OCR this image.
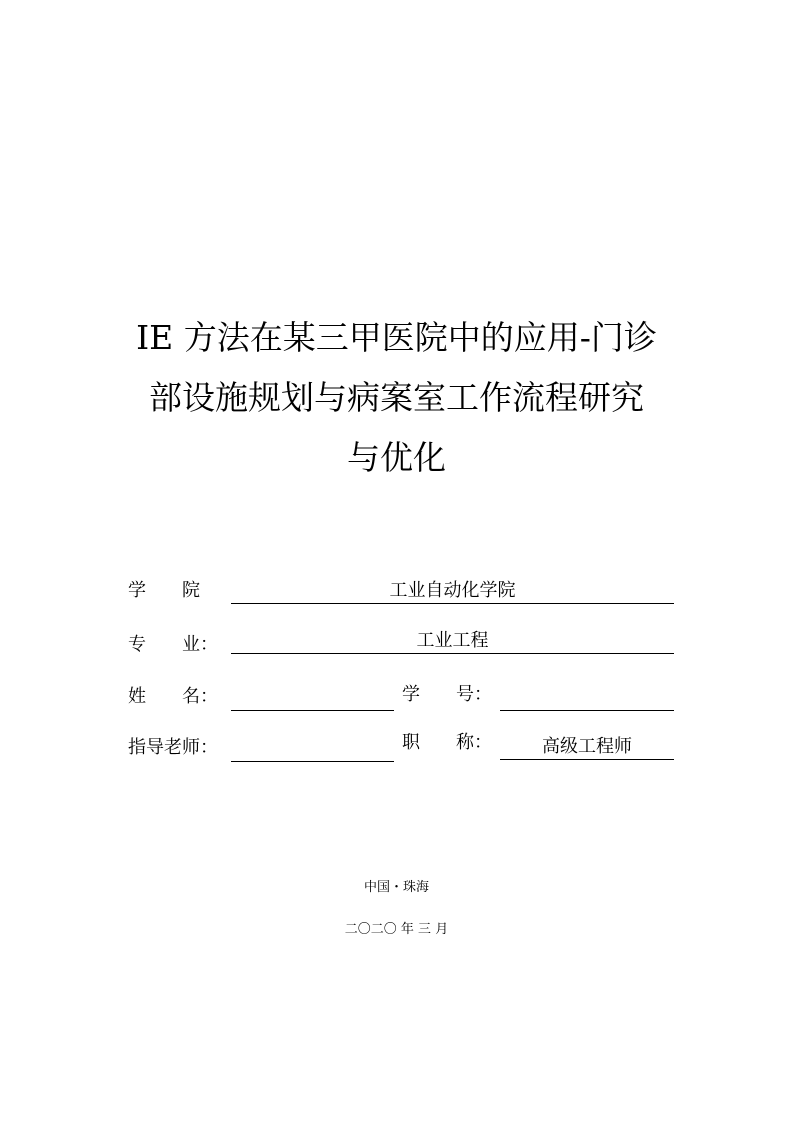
IE 方法在某三甲医院中的应用-门诊
部设施规划与病案室工作流程研究
与优化
学　　院	工业自动化学院
专　　业：	工业工程
姓　　名：	学　　号：
指导老师：	职　　称：	高级工程师
中国・珠海
二〇二〇 年 三 月
